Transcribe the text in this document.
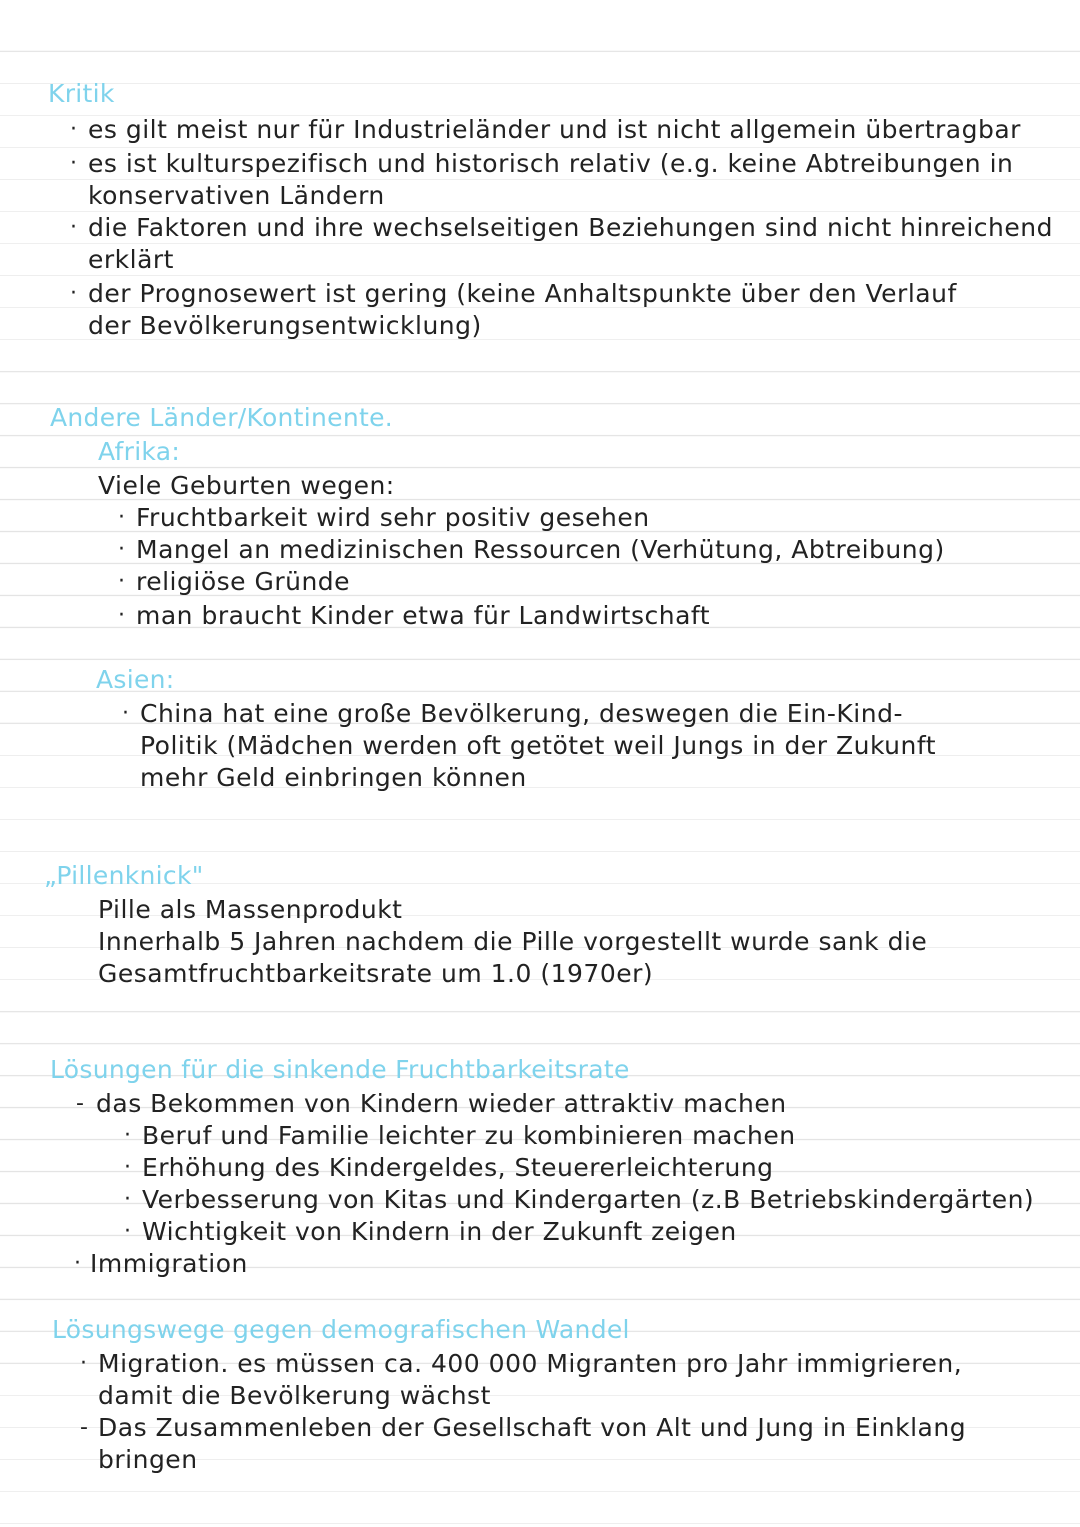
Kritik
· es gilt meist nur für Industrieländer und ist nicht allgemein übertragbar
· es ist kulturspezifisch und historisch relativ (e.g. keine Abtreibungen in
konservativen Ländern
· die Faktoren und ihre wechselseitigen Beziehungen sind nicht hinreichend
erklärt
· der Prognosewert ist gering (keine Anhaltspunkte über den Verlauf
der Bevölkerungsentwicklung)
Andere Länder/Kontinente.
Afrika:
Viele Geburten wegen:
· Fruchtbarkeit wird sehr positiv gesehen
· Mangel an medizinischen Ressourcen (Verhütung, Abtreibung)
· religiöse Gründe
· man braucht Kinder etwa für Landwirtschaft
Asien:
· China hat eine große Bevölkerung, deswegen die Ein-Kind-
Politik (Mädchen werden oft getötet weil Jungs in der Zukunft
mehr Geld einbringen können
„Pillenknick"
Pille als Massenprodukt
Innerhalb 5 Jahren nachdem die Pille vorgestellt wurde sank die
Gesamtfruchtbarkeitsrate um 1.0 (1970er)
Lösungen für die sinkende Fruchtbarkeitsrate
- das Bekommen von Kindern wieder attraktiv machen
· Beruf und Familie leichter zu kombinieren machen
· Erhöhung des Kindergeldes, Steuererleichterung
· Verbesserung von Kitas und Kindergarten (z.B Betriebskindergärten)
· Wichtigkeit von Kindern in der Zukunft zeigen
· Immigration
Lösungswege gegen demografischen Wandel
· Migration. es müssen ca. 400 000 Migranten pro Jahr immigrieren,
damit die Bevölkerung wächst
- Das Zusammenleben der Gesellschaft von Alt und Jung in Einklang
bringen
